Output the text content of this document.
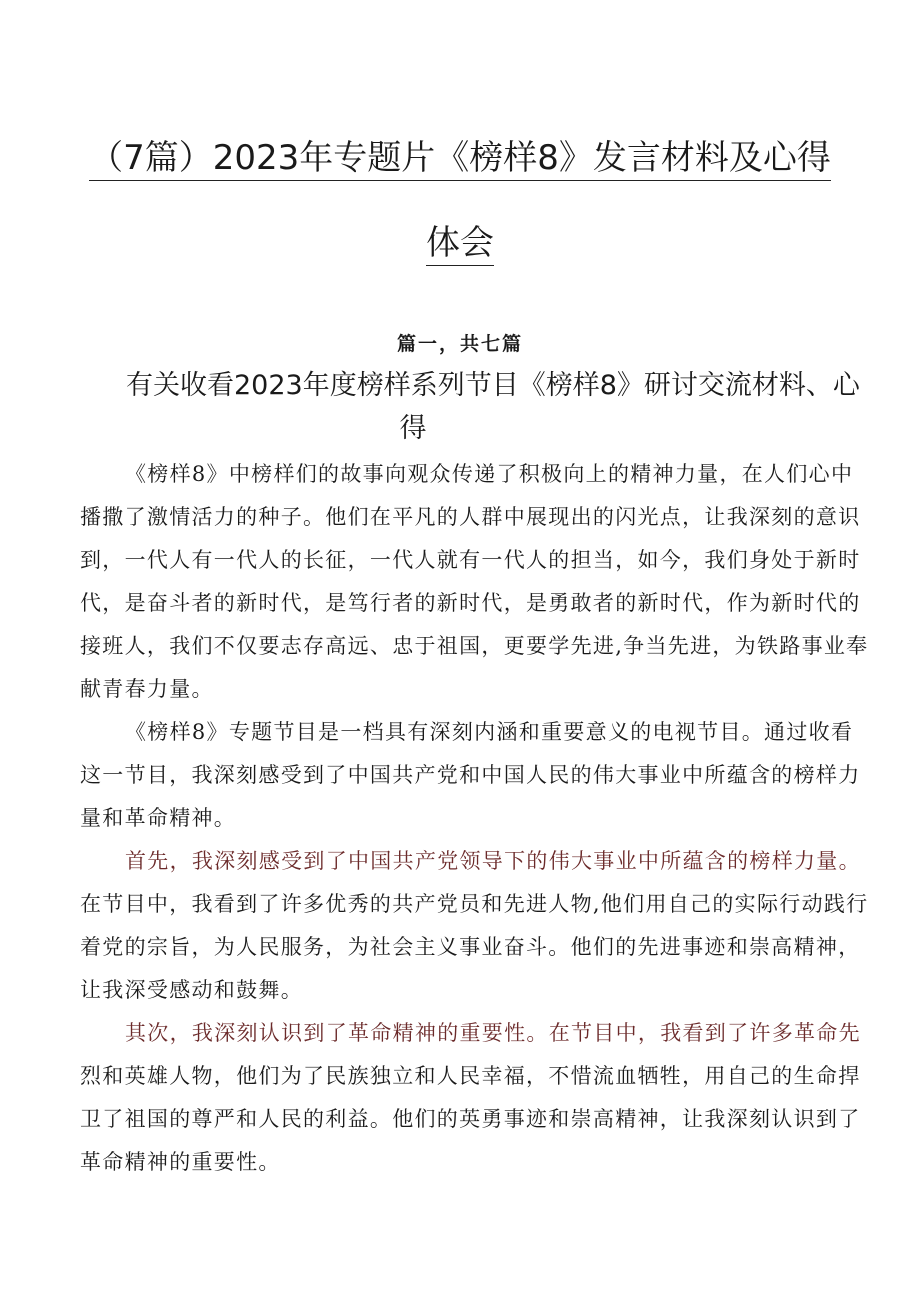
（7篇）2023年专题片《榜样8》发言材料及心得
体会
篇一，共七篇
有关收看2023年度榜样系列节目《榜样8》研讨交流材料、心
得
《榜样8》中榜样们的故事向观众传递了积极向上的精神力量，在人们心中
播撒了激情活力的种子。他们在平凡的人群中展现出的闪光点，让我深刻的意识
到，一代人有一代人的长征，一代人就有一代人的担当，如今，我们身处于新时
代，是奋斗者的新时代，是笃行者的新时代，是勇敢者的新时代，作为新时代的
接班人，我们不仅要志存高远、忠于祖国，更要学先进,争当先进，为铁路事业奉
献青春力量。
《榜样8》专题节目是一档具有深刻内涵和重要意义的电视节目。通过收看
这一节目，我深刻感受到了中国共产党和中国人民的伟大事业中所蕴含的榜样力
量和革命精神。
首先，我深刻感受到了中国共产党领导下的伟大事业中所蕴含的榜样力量。
在节目中，我看到了许多优秀的共产党员和先进人物,他们用自己的实际行动践行
着党的宗旨，为人民服务，为社会主义事业奋斗。他们的先进事迹和崇高精神，
让我深受感动和鼓舞。
其次，我深刻认识到了革命精神的重要性。在节目中，我看到了许多革命先
烈和英雄人物，他们为了民族独立和人民幸福，不惜流血牺牲，用自己的生命捍
卫了祖国的尊严和人民的利益。他们的英勇事迹和崇高精神，让我深刻认识到了
革命精神的重要性。
